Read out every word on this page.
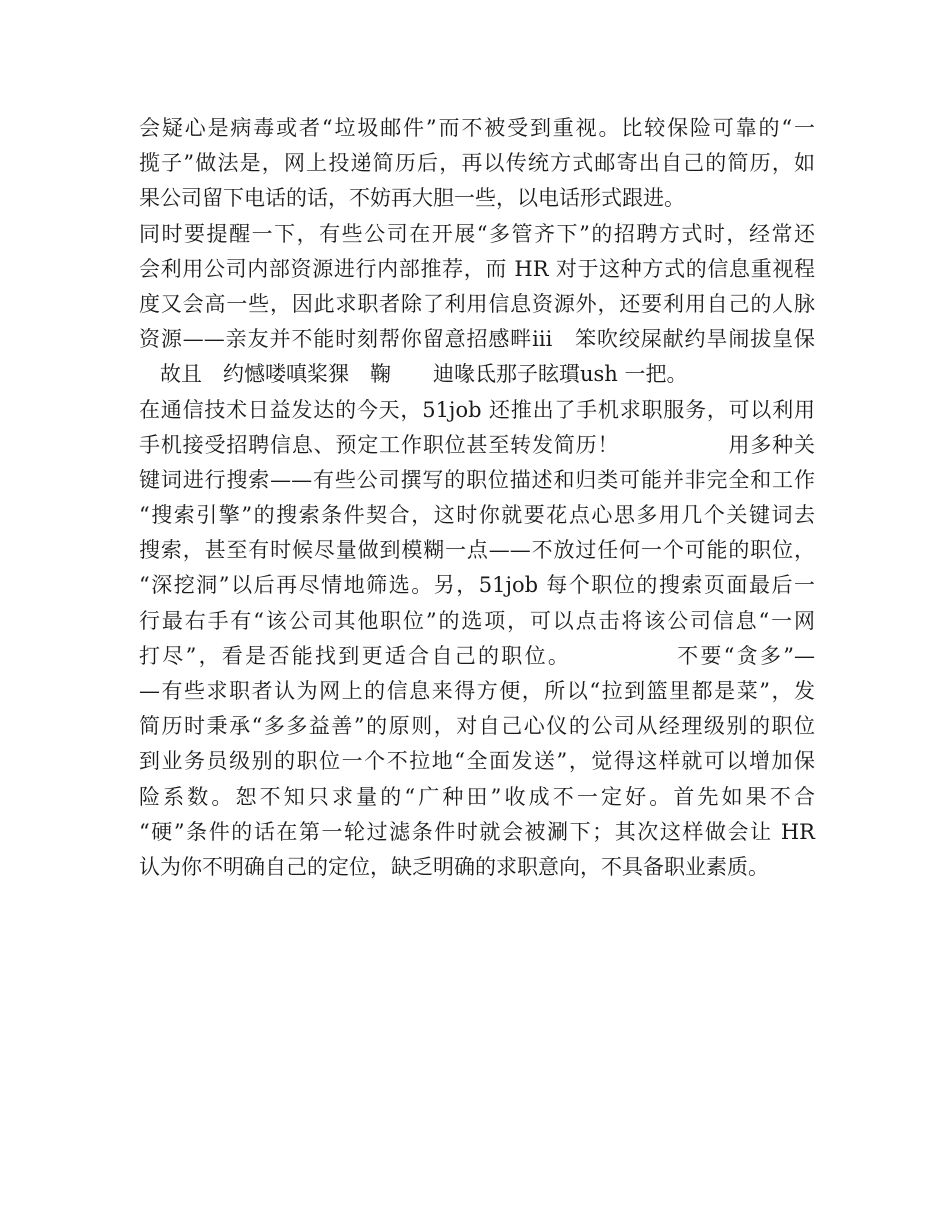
会疑心是病毒或者“垃圾邮件”而不被受到重视。比较保险可靠的“一
揽子”做法是，网上投递简历后，再以传统方式邮寄出自己的简历，如
果公司留下电话的话，不妨再大胆一些，以电话形式跟进。
同时要提醒一下，有些公司在开展“多管齐下”的招聘方式时，经常还
会利用公司内部资源进行内部推荐，而 HR 对于这种方式的信息重视程
度又会高一些，因此求职者除了利用信息资源外，还要利用自己的人脉
资源——亲友并不能时刻帮你留意招感畔iii　笨吹绞屎献约旱闹拔皇保
　故且　约憾喽嗔桨猓　鞠　　迪喙氐那子眩瑻ush 一把。
在通信技术日益发达的今天，51job 还推出了手机求职服务，可以利用
手机接受招聘信息、预定工作职位甚至转发简历！　　　　　用多种关
键词进行搜索——有些公司撰写的职位描述和归类可能并非完全和工作
“搜索引擎”的搜索条件契合，这时你就要花点心思多用几个关键词去
搜索，甚至有时候尽量做到模糊一点——不放过任何一个可能的职位，
“深挖洞”以后再尽情地筛选。另，51job 每个职位的搜索页面最后一
行最右手有“该公司其他职位”的选项，可以点击将该公司信息“一网
打尽”，看是否能找到更适合自己的职位。　　　　　不要“贪多”—
—有些求职者认为网上的信息来得方便，所以“拉到篮里都是菜”，发
简历时秉承“多多益善”的原则，对自己心仪的公司从经理级别的职位
到业务员级别的职位一个不拉地“全面发送”，觉得这样就可以增加保
险系数。恕不知只求量的“广种田”收成不一定好。首先如果不合
“硬”条件的话在第一轮过滤条件时就会被涮下；其次这样做会让 HR
认为你不明确自己的定位，缺乏明确的求职意向，不具备职业素质。
